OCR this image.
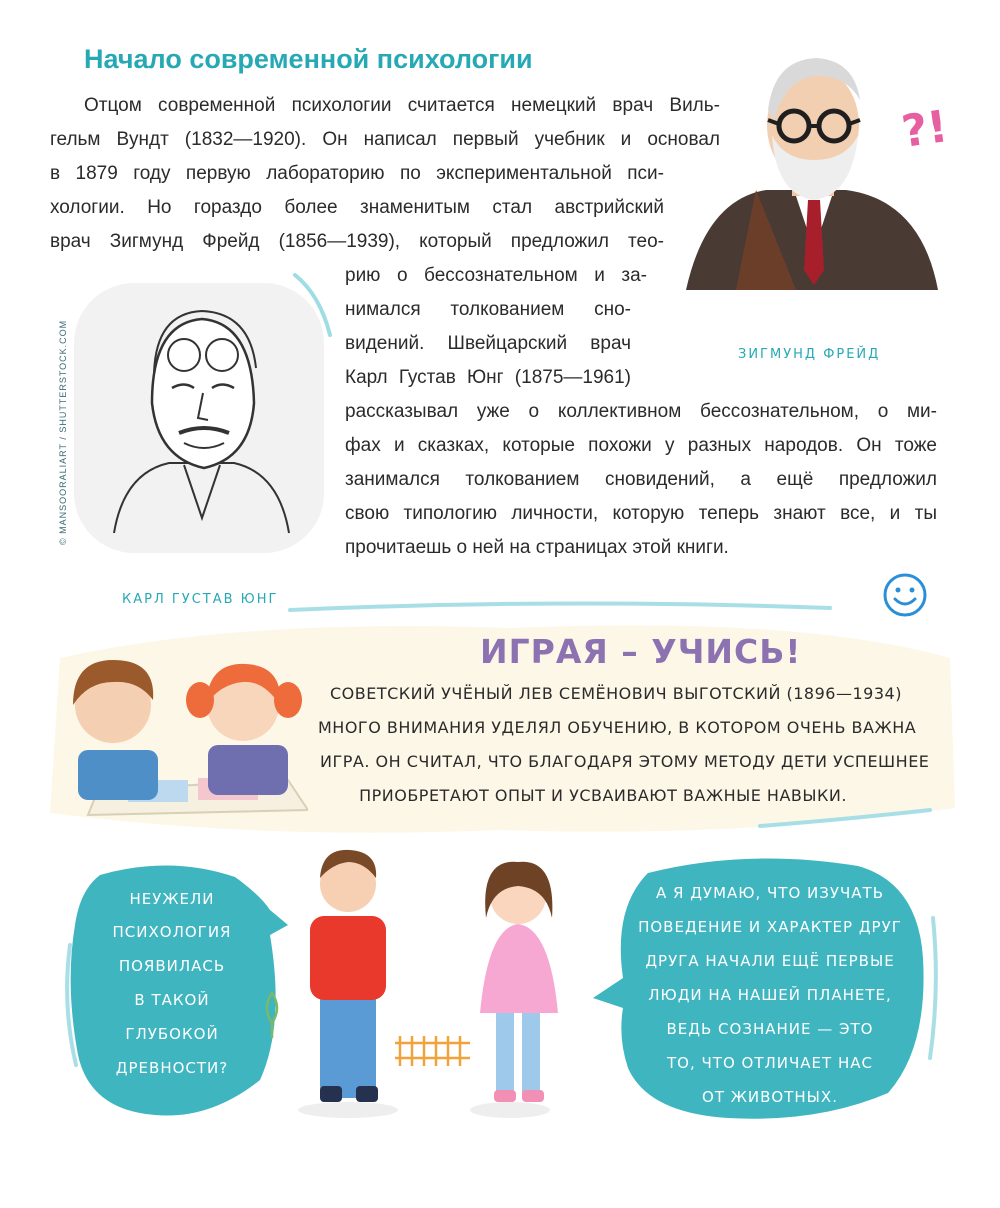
Начало современной психологии
Отцом современной психологии считается немецкий врач Виль-
гельм Вундт (1832—1920). Он написал первый учебник и основал
в 1879 году первую лабораторию по экспериментальной пси-
хологии. Но гораздо более знаменитым стал австрийский
врач Зигмунд Фрейд (1856—1939), который предложил тео-
рию о бессознательном и за-
нимался толкованием сно-
видений. Швейцарский врач
Карл Густав Юнг (1875—1961)
рассказывал уже о коллективном бессознательном, о ми-
фах и сказках, которые похожи у разных народов. Он тоже
занимался толкованием сновидений, а ещё предложил
свою типологию личности, которую теперь знают все, и ты
прочитаешь о ней на страницах этой книги.
?!
ЗИГМУНД ФРЕЙД
© MANSOORALIART / SHUTTERSTOCK.COM
КАРЛ ГУСТАВ ЮНГ
ИГРАЯ – УЧИСЬ!
СОВЕТСКИЙ УЧЁНЫЙ ЛЕВ СЕМЁНОВИЧ ВЫГОТСКИЙ (1896—1934)
МНОГО ВНИМАНИЯ УДЕЛЯЛ ОБУЧЕНИЮ, В КОТОРОМ ОЧЕНЬ ВАЖНА
ИГРА. ОН СЧИТАЛ, ЧТО БЛАГОДАРЯ ЭТОМУ МЕТОДУ ДЕТИ УСПЕШНЕЕ
ПРИОБРЕТАЮТ ОПЫТ И УСВАИВАЮТ ВАЖНЫЕ НАВЫКИ.
НЕУЖЕЛИ
ПСИХОЛОГИЯ
ПОЯВИЛАСЬ
В ТАКОЙ
ГЛУБОКОЙ
ДРЕВНОСТИ?
А Я ДУМАЮ, ЧТО ИЗУЧАТЬ
ПОВЕДЕНИЕ И ХАРАКТЕР ДРУГ
ДРУГА НАЧАЛИ ЕЩЁ ПЕРВЫЕ
ЛЮДИ НА НАШЕЙ ПЛАНЕТЕ,
ВЕДЬ СОЗНАНИЕ — ЭТО
ТО, ЧТО ОТЛИЧАЕТ НАС
ОТ ЖИВОТНЫХ.
